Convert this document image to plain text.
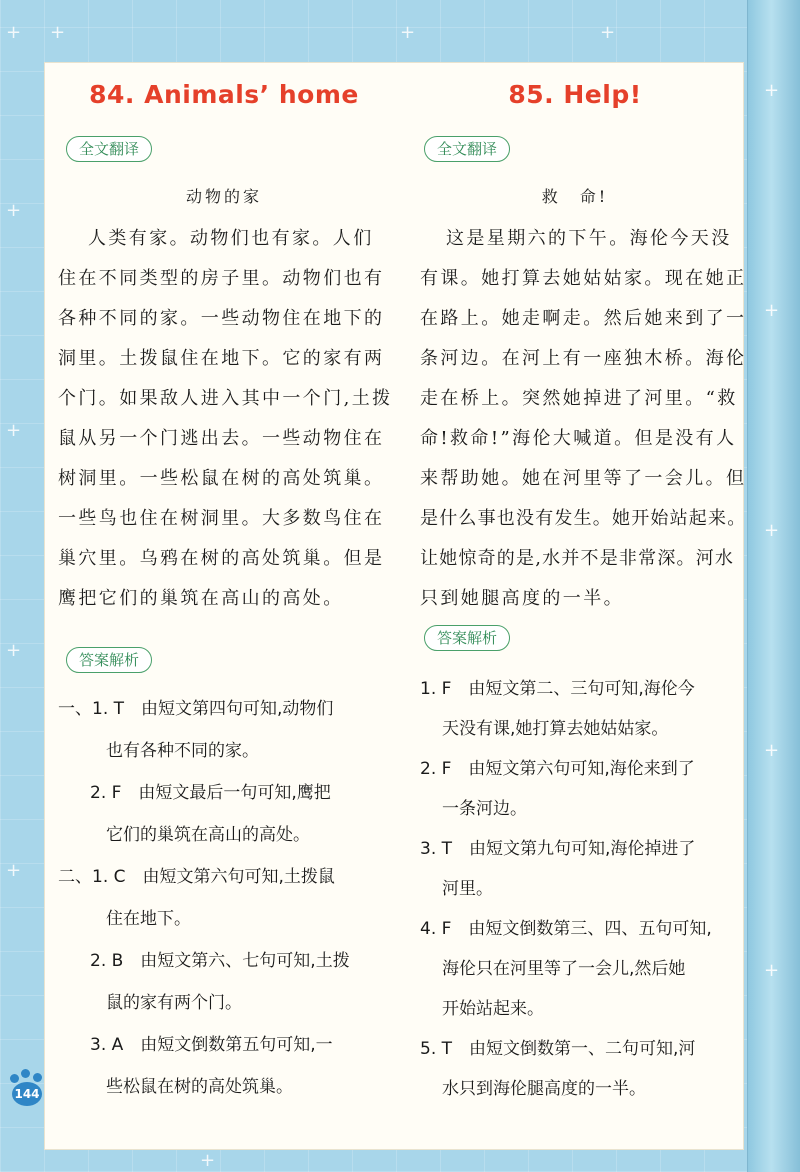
+ +
+
+
+
+
+
+
+
+
+
+
+
+
84. Animals’ home
全文翻译
动物的家
人类有家。动物们也有家。人们
住在不同类型的房子里。动物们也有
各种不同的家。一些动物住在地下的
洞里。土拨鼠住在地下。它的家有两
个门。如果敌人进入其中一个门,土拨
鼠从另一个门逃出去。一些动物住在
树洞里。一些松鼠在树的高处筑巢。
一些鸟也住在树洞里。大多数鸟住在
巢穴里。乌鸦在树的高处筑巢。但是
鹰把它们的巢筑在高山的高处。
答案解析
一、1. T　由短文第四句可知,动物们
也有各种不同的家。
2. F　由短文最后一句可知,鹰把
它们的巢筑在高山的高处。
二、1. C　由短文第六句可知,土拨鼠
住在地下。
2. B　由短文第六、七句可知,土拨
鼠的家有两个门。
3. A　由短文倒数第五句可知,一
些松鼠在树的高处筑巢。
85. Help!
全文翻译
救　命!
这是星期六的下午。海伦今天没
有课。她打算去她姑姑家。现在她正
在路上。她走啊走。然后她来到了一
条河边。在河上有一座独木桥。海伦
走在桥上。突然她掉进了河里。“救
命!救命!”海伦大喊道。但是没有人
来帮助她。她在河里等了一会儿。但
是什么事也没有发生。她开始站起来。
让她惊奇的是,水并不是非常深。河水
只到她腿高度的一半。
答案解析
1. F　由短文第二、三句可知,海伦今
天没有课,她打算去她姑姑家。
2. F　由短文第六句可知,海伦来到了
一条河边。
3. T　由短文第九句可知,海伦掉进了
河里。
4. F　由短文倒数第三、四、五句可知,
海伦只在河里等了一会儿,然后她
开始站起来。
5. T　由短文倒数第一、二句可知,河
水只到海伦腿高度的一半。
144
